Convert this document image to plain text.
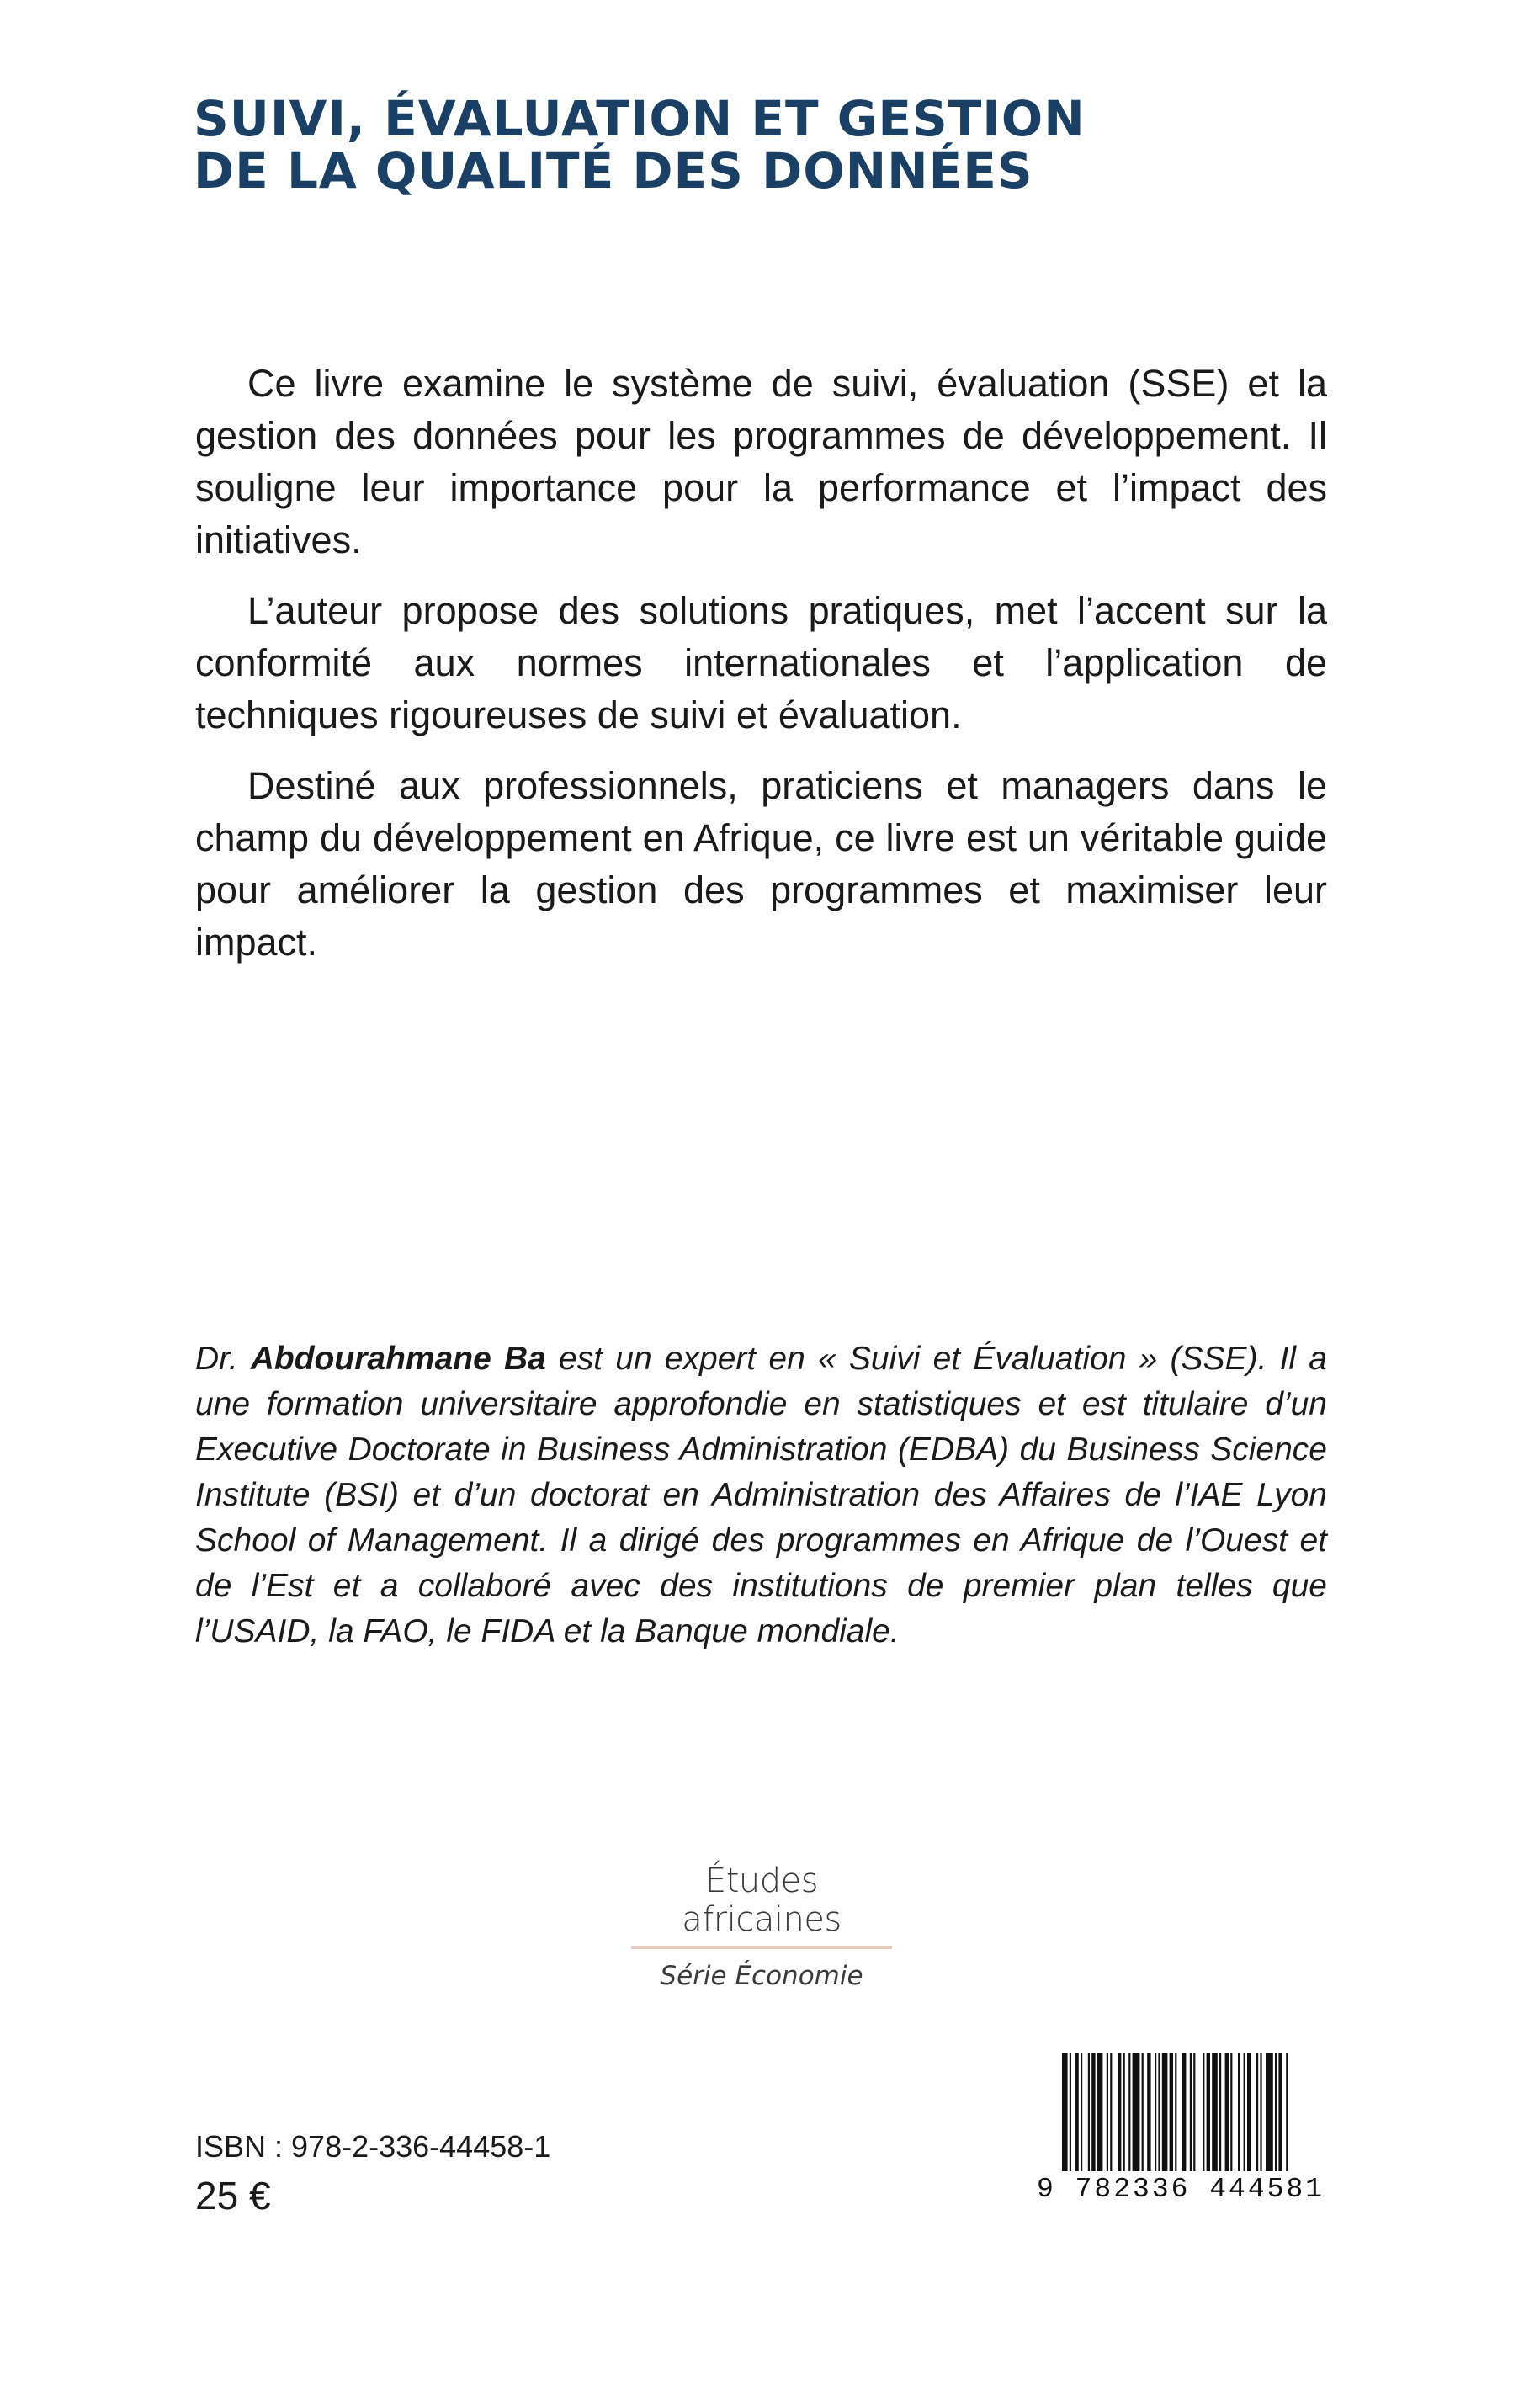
SUIVI, ÉVALUATION ET GESTION
DE LA QUALITÉ DES DONNÉES

Ce livre examine le système de suivi, évaluation (SSE) et la gestion des données pour les programmes de développement. Il souligne leur importance pour la performance et l’impact des initiatives.

L’auteur propose des solutions pratiques, met l’accent sur la conformité aux normes internationales et l’application de techniques rigoureuses de suivi et évaluation.

Destiné aux professionnels, praticiens et managers dans le champ du développement en Afrique, ce livre est un véritable guide pour améliorer la gestion des programmes et maximiser leur impact.

Dr. Abdourahmane Ba est un expert en « Suivi et Évaluation » (SSE). Il a une formation universitaire approfondie en statistiques et est titulaire d’un Executive Doctorate in Business Administration (EDBA) du Business Science Institute (BSI) et d’un doctorat en Administration des Affaires de l’IAE Lyon School of Management. Il a dirigé des programmes en Afrique de l’Ouest et de l’Est et a collaboré avec des institutions de premier plan telles que l’USAID, la FAO, le FIDA et la Banque mondiale.

Études africaines
Série Économie
ISBN : 978-2-336-44458-1
25 €	9 782336 444581
